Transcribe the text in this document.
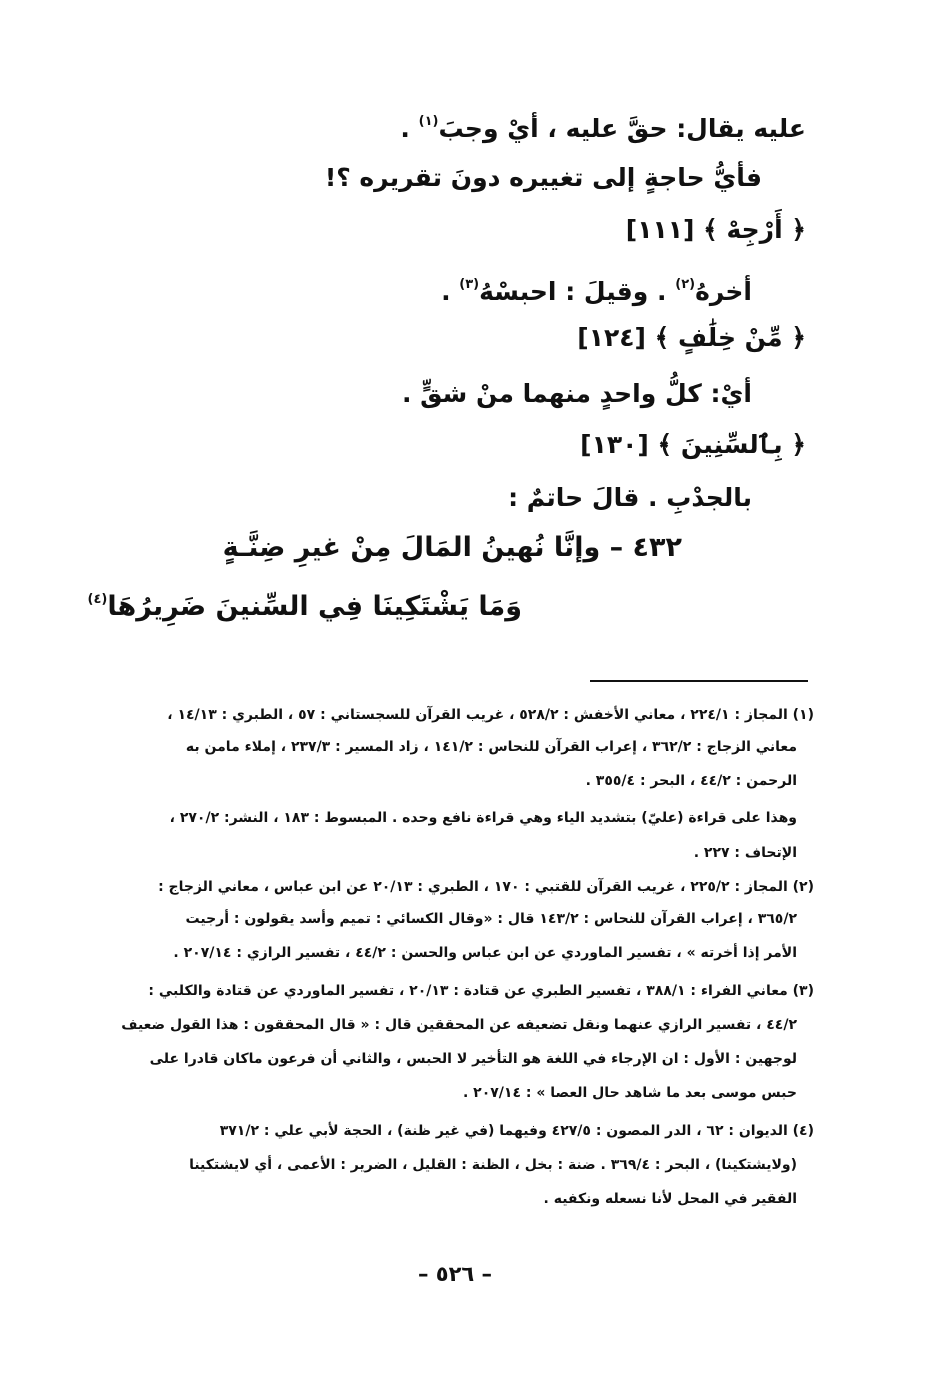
عليه يقال: حقَّ عليه ، أيْ وجبَ$^{(١)}$ .
فأيُّ حاجةٍ إلى تغييره دونَ تقريره ؟!
﴿ أَرْجِهْ ﴾ [١١١]
أخرهُ$^{(٢)}$ . وقيلَ : احبسْهُ$^{(٣)}$ .
﴿ مِّنْ خِلَٰفٍ ﴾ [١٢٤]
أيْ: كلُّ واحدٍ منهما منْ شقٍّ .
﴿ بِٱلسِّنِينَ ﴾ [١٣٠]
بالجدْبِ . قالَ حاتمٌ :
٤٣٢ – وإنَّا نُهينُ المَالَ مِنْ غيرِ ضِنَّـةٍ
وَمَا يَشْتَكِينَا فِي السِّنينَ ضَرِيرُهَا$^{(٤)}$
(١) المجاز : ٢٢٤/١ ، معاني الأخفش : ٥٢٨/٢ ، غريب القرآن للسجستاني : ٥٧ ، الطبري : ١٤/١٣ ،
معاني الزجاج : ٣٦٢/٢ ، إعراب القرآن للنحاس : ١٤١/٢ ، زاد المسير : ٢٣٧/٣ ، إملاء مامن به
الرحمن : ٤٤/٢ ، البحر : ٣٥٥/٤ .
وهذا على قراءة (عليّ) بتشديد الياء وهي قراءة نافع وحده . المبسوط : ١٨٣ ، النشر: ٢٧٠/٢ ،
الإتحاف : ٢٢٧ .
(٢) المجاز : ٢٢٥/٢ ، غريب القرآن للقتبي : ١٧٠ ، الطبري : ٢٠/١٣ عن ابن عباس ، معاني الزجاج :
٣٦٥/٢ ، إعراب القرآن للنحاس : ١٤٣/٢ قال : «وقال الكسائي : تميم وأسد يقولون : أرجيت
الأمر إذا أخرته » ، تفسير الماوردي عن ابن عباس والحسن : ٤٤/٢ ، تفسير الرازي : ٢٠٧/١٤ .
(٣) معاني الفراء : ٣٨٨/١ ، تفسير الطبري عن قتادة : ٢٠/١٣ ، تفسير الماوردي عن قتادة والكلبي :
٤٤/٢ ، تفسير الرازي عنهما ونقل تضعيفه عن المحققين قال : « قال المحققون : هذا القول ضعيف
لوجهين : الأول : ان الإرجاء في اللغة هو التأخير لا الحبس ، والثاني أن فرعون ماكان قادرا على
حبس موسى بعد ما شاهد حال العصا » : ٢٠٧/١٤ .
(٤) الديوان : ٦٢ ، الدر المصون : ٤٢٧/٥ وفيهما (في غير ظنة) ، الحجة لأبي علي : ٣٧١/٢
(ولايشتكينا) ، البحر : ٣٦٩/٤ . ضنة : بخل ، الظنة : القليل ، الضرير : الأعمى ، أي لايشتكينا
الفقير في المحل لأنا نسعله ونكفيه .
– ٥٢٦ –
